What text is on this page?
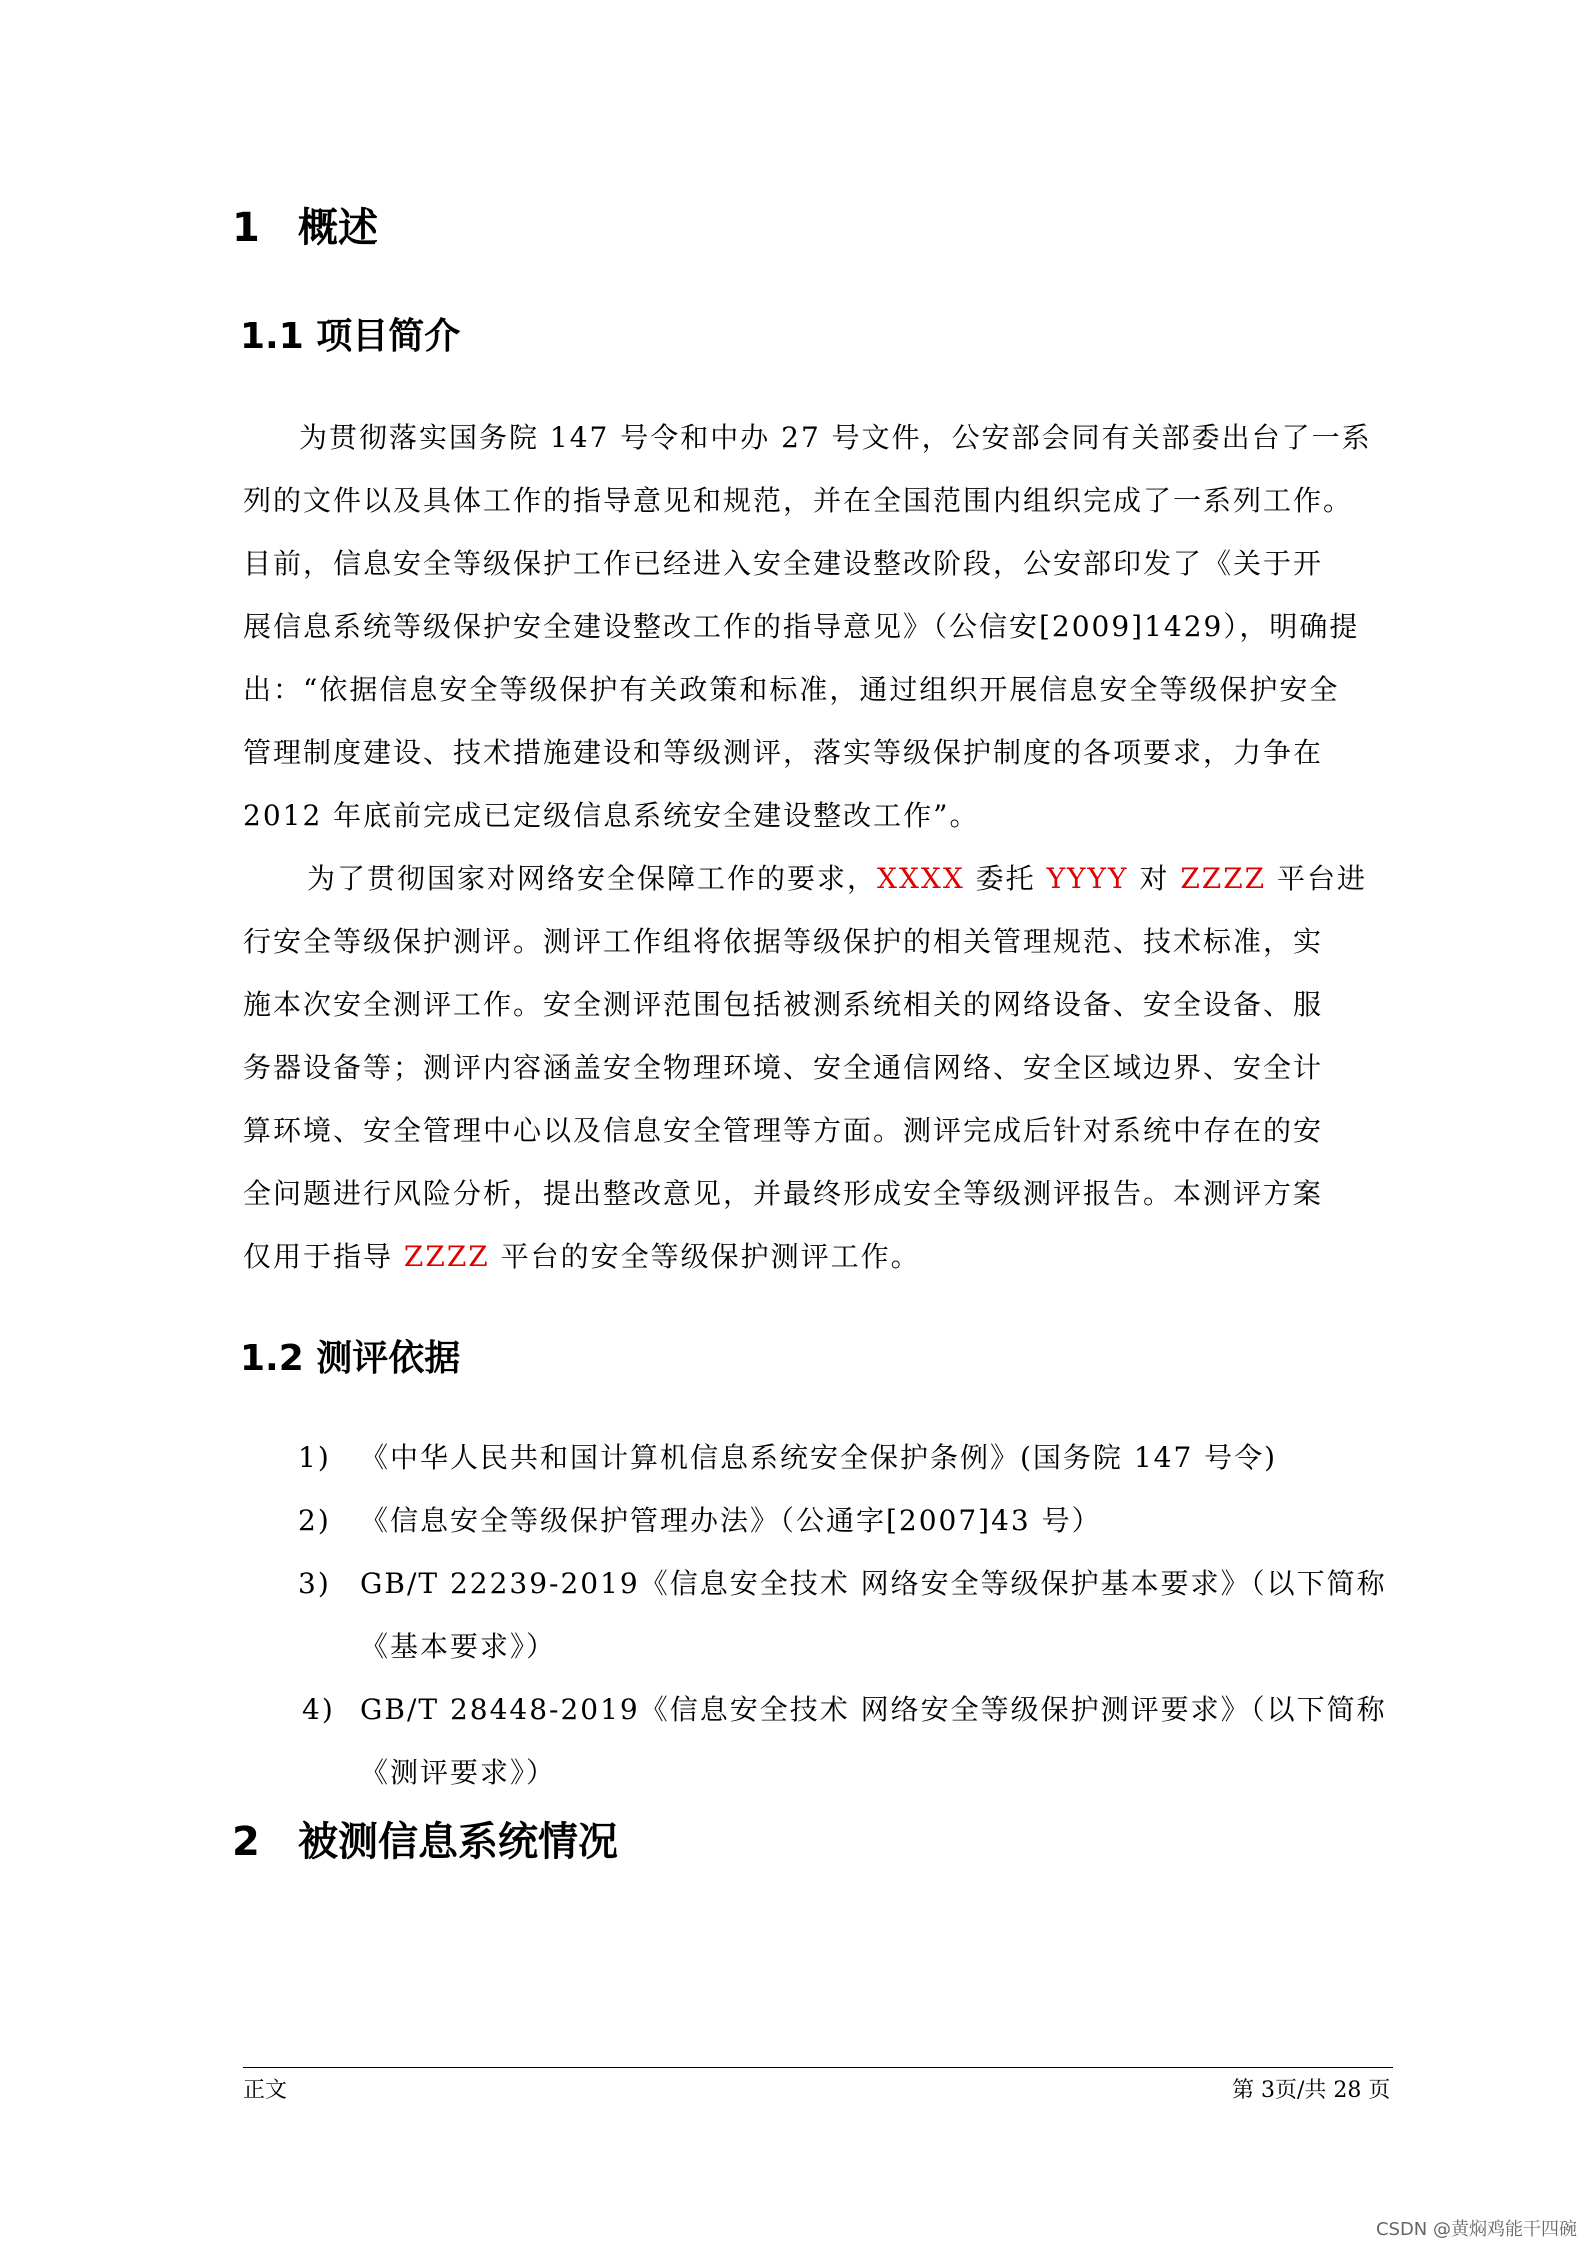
1 概述
1.1 项目简介
为贯彻落实国务院 147 号令和中办 27 号文件，公安部会同有关部委出台了一系
列的文件以及具体工作的指导意见和规范，并在全国范围内组织完成了一系列工作。
目前，信息安全等级保护工作已经进入安全建设整改阶段，公安部印发了《关于开
展信息系统等级保护安全建设整改工作的指导意见》（公信安[2009]1429），明确提
出：“依据信息安全等级保护有关政策和标准，通过组织开展信息安全等级保护安全
管理制度建设、技术措施建设和等级测评，落实等级保护制度的各项要求，力争在
2012 年底前完成已定级信息系统安全建设整改工作”。
为了贯彻国家对网络安全保障工作的要求，XXXX 委托 YYYY 对 ZZZZ 平台进
行安全等级保护测评。测评工作组将依据等级保护的相关管理规范、技术标准，实
施本次安全测评工作。安全测评范围包括被测系统相关的网络设备、安全设备、服
务器设备等；测评内容涵盖安全物理环境、安全通信网络、安全区域边界、安全计
算环境、安全管理中心以及信息安全管理等方面。测评完成后针对系统中存在的安
全问题进行风险分析，提出整改意见，并最终形成安全等级测评报告。本测评方案
仅用于指导 ZZZZ 平台的安全等级保护测评工作。
1.2 测评依据
1) 《中华人民共和国计算机信息系统安全保护条例》(国务院 147 号令)
2) 《信息安全等级保护管理办法》（公通字[2007]43 号）
3) GB/T 22239-2019《信息安全技术 网络安全等级保护基本要求》（以下简称
《基本要求》）
4) GB/T 28448-2019《信息安全技术 网络安全等级保护测评要求》（以下简称
《测评要求》）
2 被测信息系统情况
正文	第 3页/共 28 页
CSDN @黄焖鸡能干四碗
